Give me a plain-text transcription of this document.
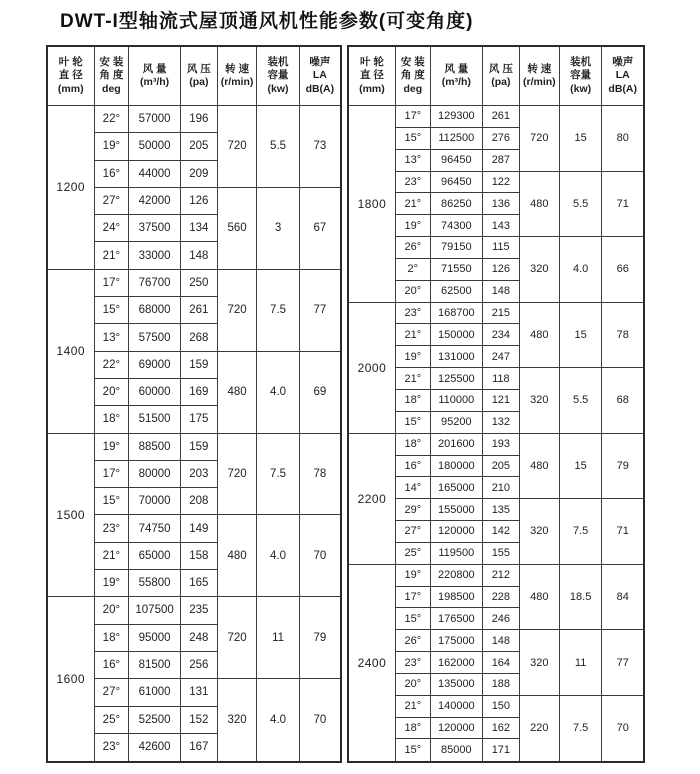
DWT-I型轴流式屋顶通风机性能参数(可变角度)
叶 轮
直 径
(mm)	安 装
角 度
deg	风 量
(m³/h)	风 压
(pa)	转 速
(r/min)	装机
容量
(kw)	噪声
LA
dB(A)
1200	22°	57000	196	720	5.5	73
	19°	50000	205			
	16°	44000	209			
	27°	42000	126	560	3	67
	24°	37500	134			
	21°	33000	148			
1400	17°	76700	250	720	7.5	77
	15°	68000	261			
	13°	57500	268			
	22°	69000	159	480	4.0	69
	20°	60000	169			
	18°	51500	175			
1500	19°	88500	159	720	7.5	78
	17°	80000	203			
	15°	70000	208			
	23°	74750	149	480	4.0	70
	21°	65000	158			
	19°	55800	165			
1600	20°	107500	235	720	11	79
	18°	95000	248			
	16°	81500	256			
	27°	61000	131	320	4.0	70
	25°	52500	152			
	23°	42600	167			
叶 轮
直 径
(mm)	安 装
角 度
deg	风 量
(m³/h)	风 压
(pa)	转 速
(r/min)	装机
容量
(kw)	噪声
LA
dB(A)
1800	17°	129300	261	720	15	80
	15°	112500	276			
	13°	96450	287			
	23°	96450	122	480	5.5	71
	21°	86250	136			
	19°	74300	143			
	26°	79150	115	320	4.0	66
	2°	71550	126			
	20°	62500	148			
2000	23°	168700	215	480	15	78
	21°	150000	234			
	19°	131000	247			
	21°	125500	118	320	5.5	68
	18°	110000	121			
	15°	95200	132			
2200	18°	201600	193	480	15	79
	16°	180000	205			
	14°	165000	210			
	29°	155000	135	320	7.5	71
	27°	120000	142			
	25°	119500	155			
2400	19°	220800	212	480	18.5	84
	17°	198500	228			
	15°	176500	246			
	26°	175000	148	320	11	77
	23°	162000	164			
	20°	135000	188			
	21°	140000	150	220	7.5	70
	18°	120000	162			
	15°	85000	171			
